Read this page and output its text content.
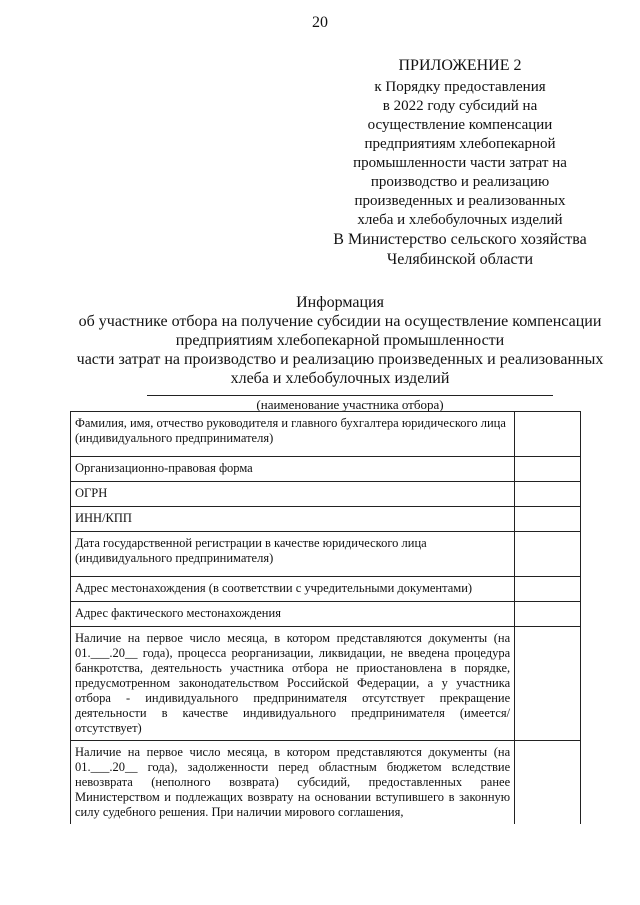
20
ПРИЛОЖЕНИЕ 2
к Порядку предоставления
в 2022 году субсидий на
осуществление компенсации
предприятиям хлебопекарной
промышленности части затрат на
производство и реализацию
произведенных и реализованных
хлеба и хлебобулочных изделий
В Министерство сельского хозяйства
Челябинской области
Информация
об участнике отбора на получение субсидии на осуществление компенсации
предприятиям хлебопекарной промышленности
части затрат на производство и реализацию произведенных и реализованных
хлеба и хлебобулочных изделий
(наименование участника отбора)
Фамилия, имя, отчество руководителя и главного бухгалтера юридического лица (индивидуального предпринимателя)	
Организационно-правовая форма	
ОГРН	
ИНН/КПП	
Дата государственной регистрации в качестве юридического лица (индивидуального предпринимателя)	
Адрес местонахождения (в соответствии с учредительными документами)	
Адрес фактического местонахождения	
Наличие на первое число месяца, в котором представляются документы (на 01.___.20__ года), процесса реорганизации, ликвидации, не введена процедура банкротства, деятельность участника отбора не приостановлена в порядке, предусмотренном законодательством Российской Федерации, а у участника отбора - индивидуального предпринимателя отсутствует прекращение деятельности в качестве индивидуального предпринимателя (имеется/отсутствует)	
Наличие на первое число месяца, в котором представляются документы (на 01.___.20__ года), задолженности перед областным бюджетом вследствие невозврата (неполного возврата) субсидий, предоставленных ранее Министерством и подлежащих возврату на основании вступившего в законную силу судебного решения. При наличии мирового соглашения,	
